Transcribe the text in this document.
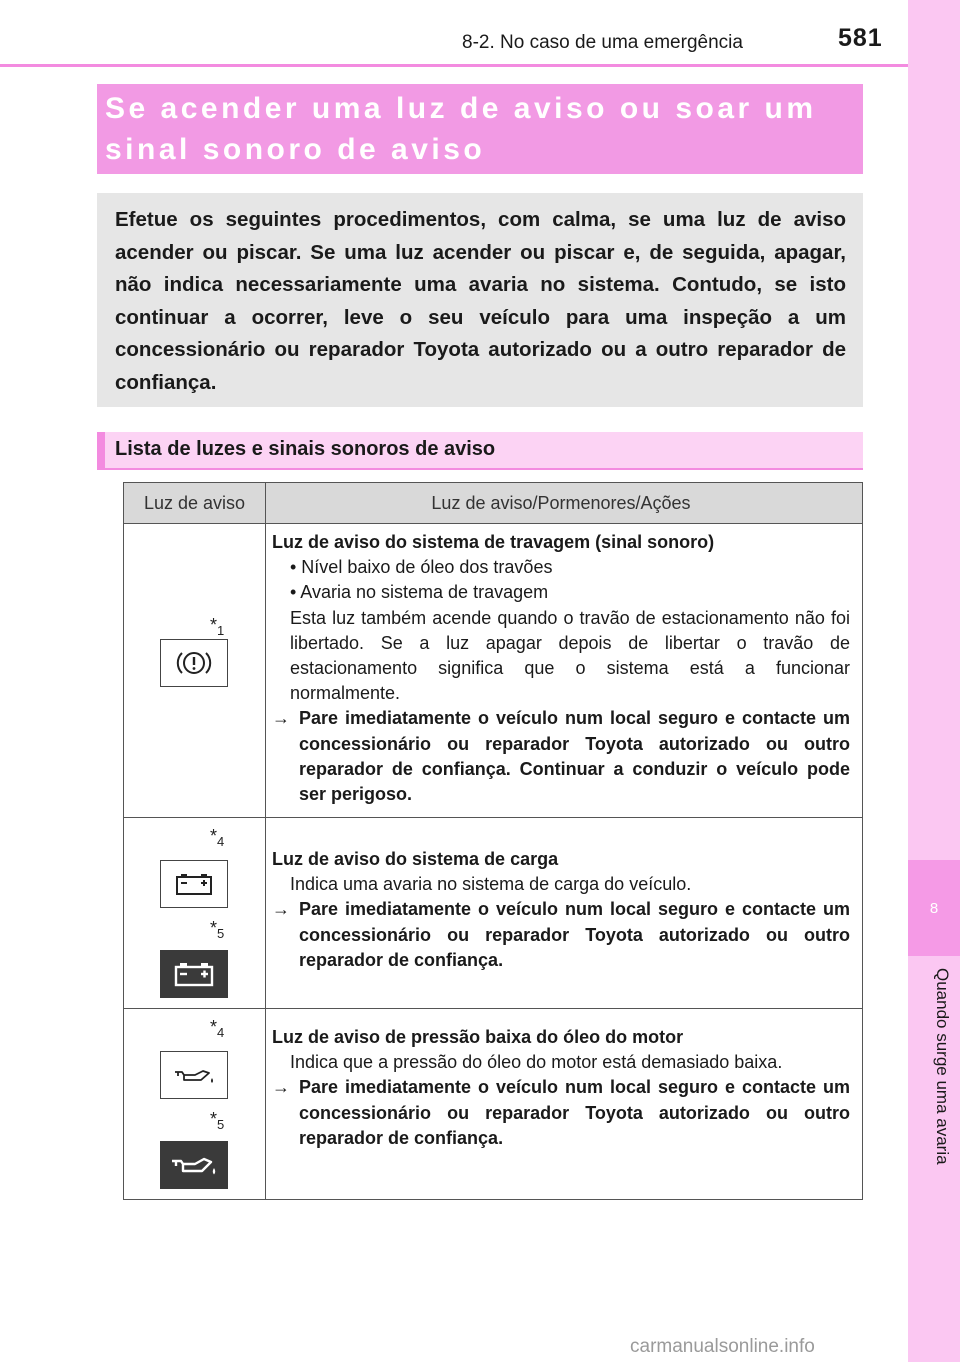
8
Quando surge uma avaria
8-2. No caso de uma emergência	581

Se acender uma luz de aviso ou soar um

sinal sonoro de aviso

Efetue os seguintes procedimentos, com calma, se uma luz de aviso acender ou piscar. Se uma luz acender ou piscar e, de seguida, apagar, não indica necessariamente uma avaria no sistema. Contudo, se isto continuar a ocorrer, leve o seu veículo para uma inspeção a um concessionário ou reparador Toyota autorizado ou a outro reparador de confiança.

Lista de luzes e sinais sonoros de aviso
Luz de aviso	Luz de aviso/Pormenores/Ações
$*_1$

Luz de aviso do sistema de travagem (sinal sonoro)

• Nível baixo de óleo dos travões

• Avaria no sistema de travagem

Esta luz também acende quando o travão de estacionamento não foi libertado. Se a luz apagar depois de libertar o travão de estacionamento significa que o sistema está a funcionar normalmente.

→ Pare imediatamente o veículo num local seguro e contacte um concessionário ou reparador Toyota autorizado ou outro reparador de confiança. Continuar a conduzir o veículo pode ser perigoso.
$*_4$
$*_5$

Luz de aviso do sistema de carga

Indica uma avaria no sistema de carga do veículo.

→ Pare imediatamente o veículo num local seguro e contacte um concessionário ou reparador Toyota autorizado ou outro reparador de confiança.
$*_4$
$*_5$

Luz de aviso de pressão baixa do óleo do motor

Indica que a pressão do óleo do motor está demasiado baixa.

→ Pare imediatamente o veículo num local seguro e contacte um concessionário ou reparador Toyota autorizado ou outro reparador de confiança.
carmanualsonline.info
